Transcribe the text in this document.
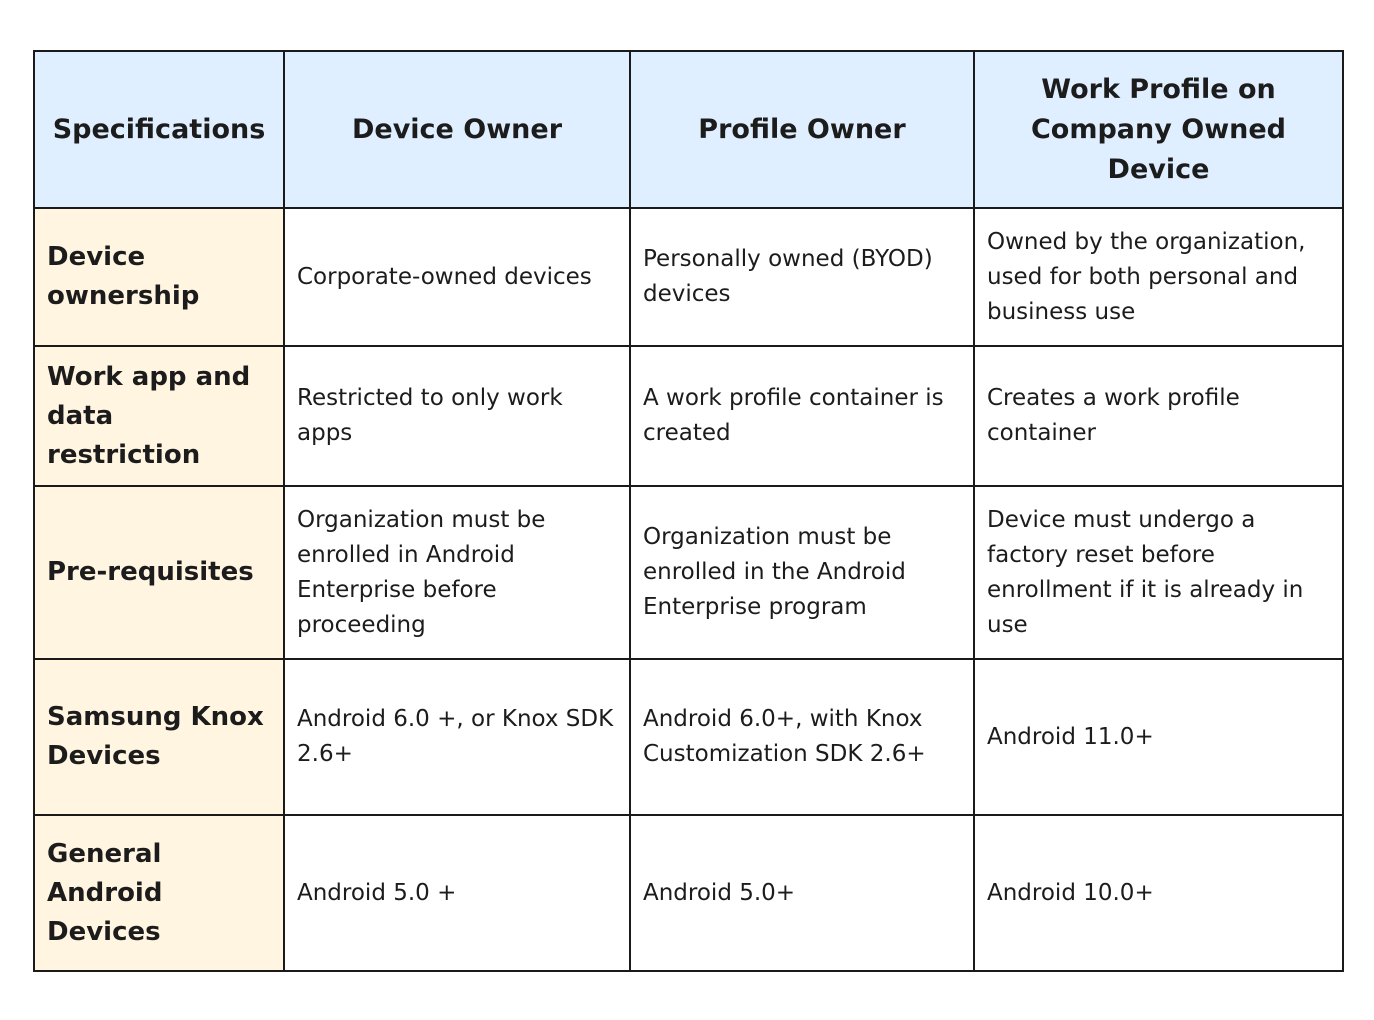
Specifications	Device Owner	Profile Owner	Work Profile on Company Owned Device
Device ownership	Corporate-owned devices	Personally owned (BYOD) devices	Owned by the organization, used for both personal and business use
Work app and data restriction	Restricted to only work apps	A work profile container is created	Creates a work profile container
Pre-requisites	Organization must be enrolled in Android Enterprise before proceeding	Organization must be enrolled in the Android Enterprise program	Device must undergo a factory reset before enrollment if it is already in use
Samsung Knox Devices	Android 6.0 +, or Knox SDK 2.6+	Android 6.0+, with Knox Customization SDK 2.6+	Android 11.0+
General Android Devices	Android 5.0 +	Android 5.0+	Android 10.0+
